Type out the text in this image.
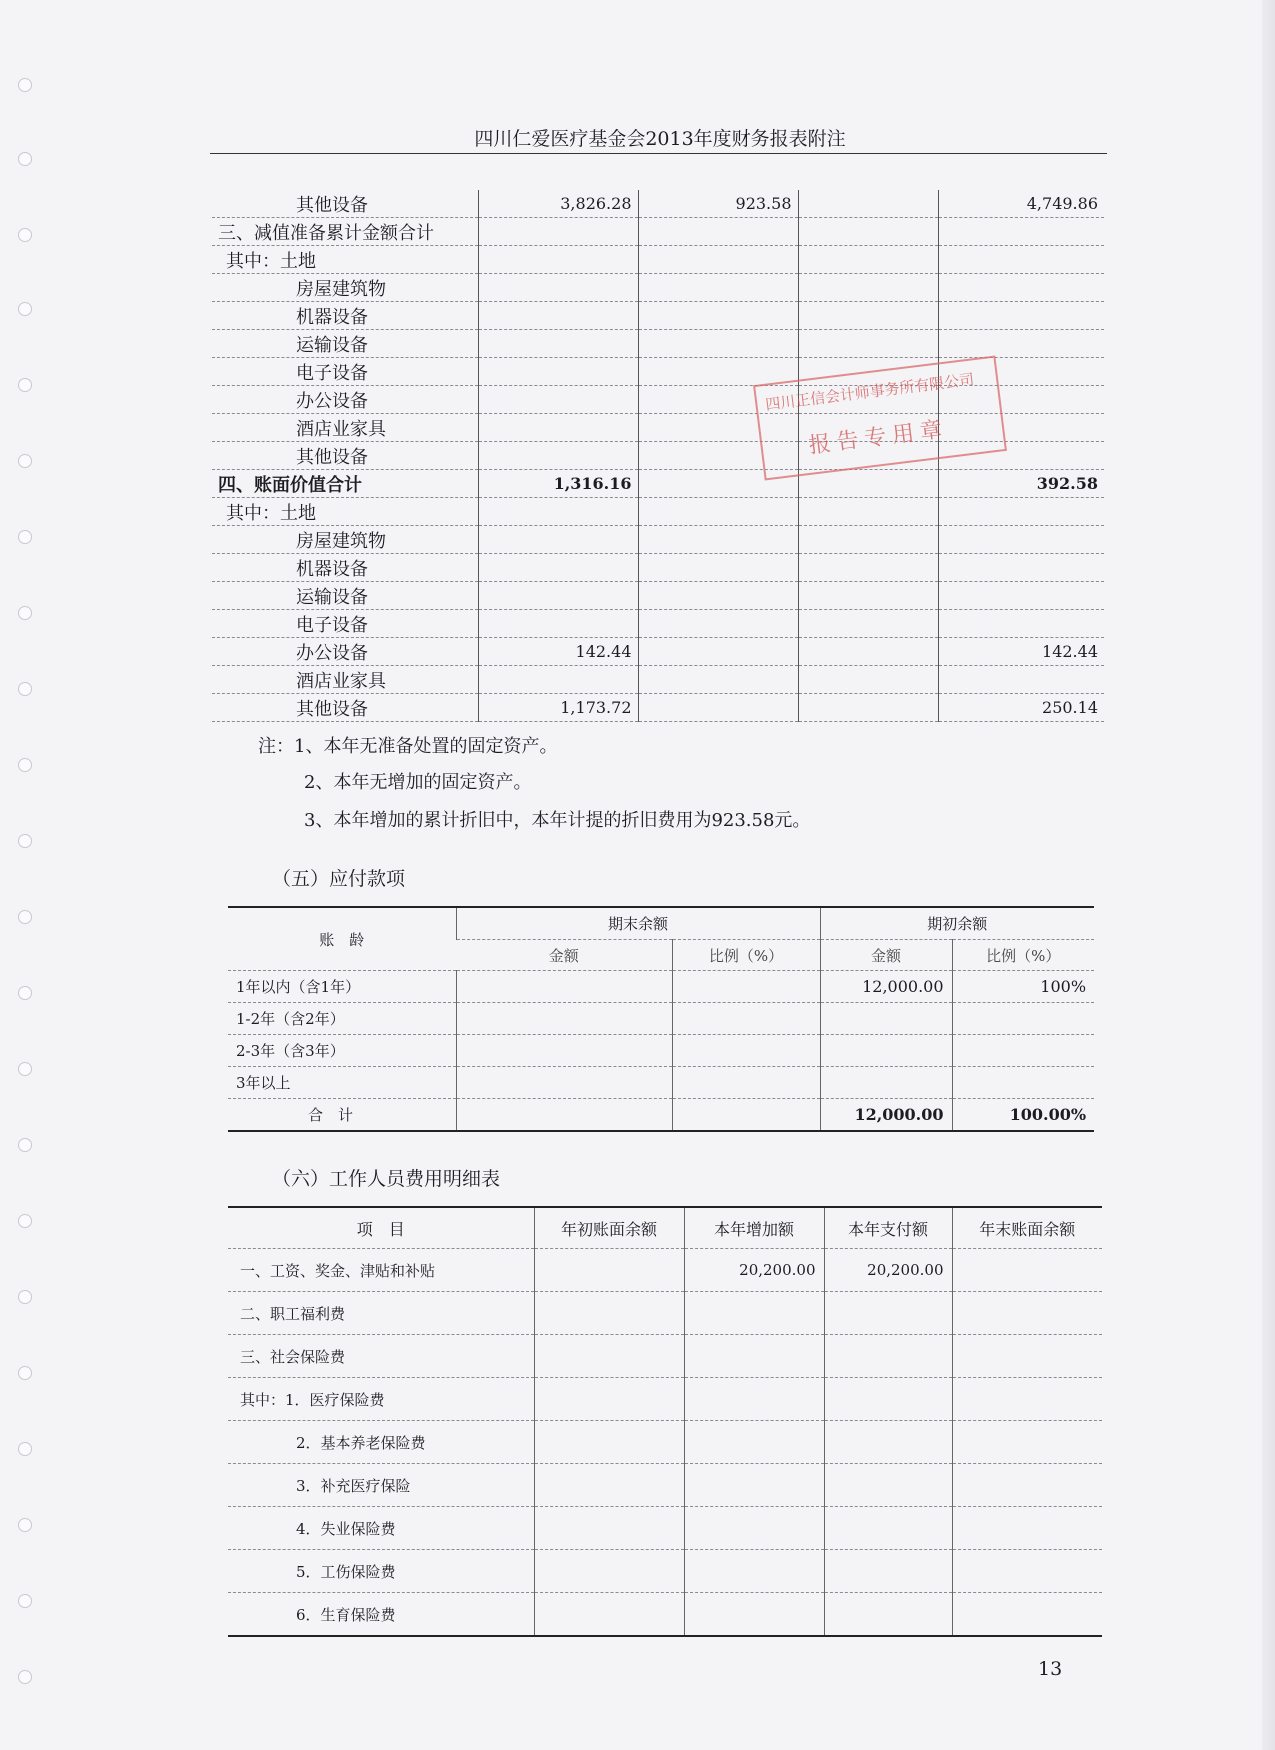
四川仁爱医疗基金会2013年度财务报表附注
其他设备	3,826.28	923.58		4,749.86
三、减值准备累计金额合计				
其中：土地				
房屋建筑物				
机器设备				
运输设备				
电子设备				
办公设备				
酒店业家具				
其他设备				
四、账面价值合计	1,316.16			392.58
其中：土地				
房屋建筑物				
机器设备				
运输设备				
电子设备				
办公设备	142.44			142.44
酒店业家具				
其他设备	1,173.72			250.14
注：1、本年无准备处置的固定资产。
2、本年无增加的固定资产。
3、本年增加的累计折旧中，本年计提的折旧费用为923.58元。
（五）应付款项
账　龄	期末余额		期初余额	
	金额	比例（%）	金额	比例（%）
1年以内（含1年）			12,000.00	100%
1-2年（含2年）				
2-3年（含3年）				
3年以上				
合　计			12,000.00	100.00%
（六）工作人员费用明细表
项　目	年初账面余额	本年增加额	本年支付额	年末账面余额
一、工资、奖金、津贴和补贴		20,200.00	20,200.00	
二、职工福利费				
三、社会保险费				
其中：1．医疗保险费				
2．基本养老保险费				
3．补充医疗保险				
4．失业保险费				
5．工伤保险费				
6．生育保险费				
四川正信会计师事务所有限公司
报告专用章
13
